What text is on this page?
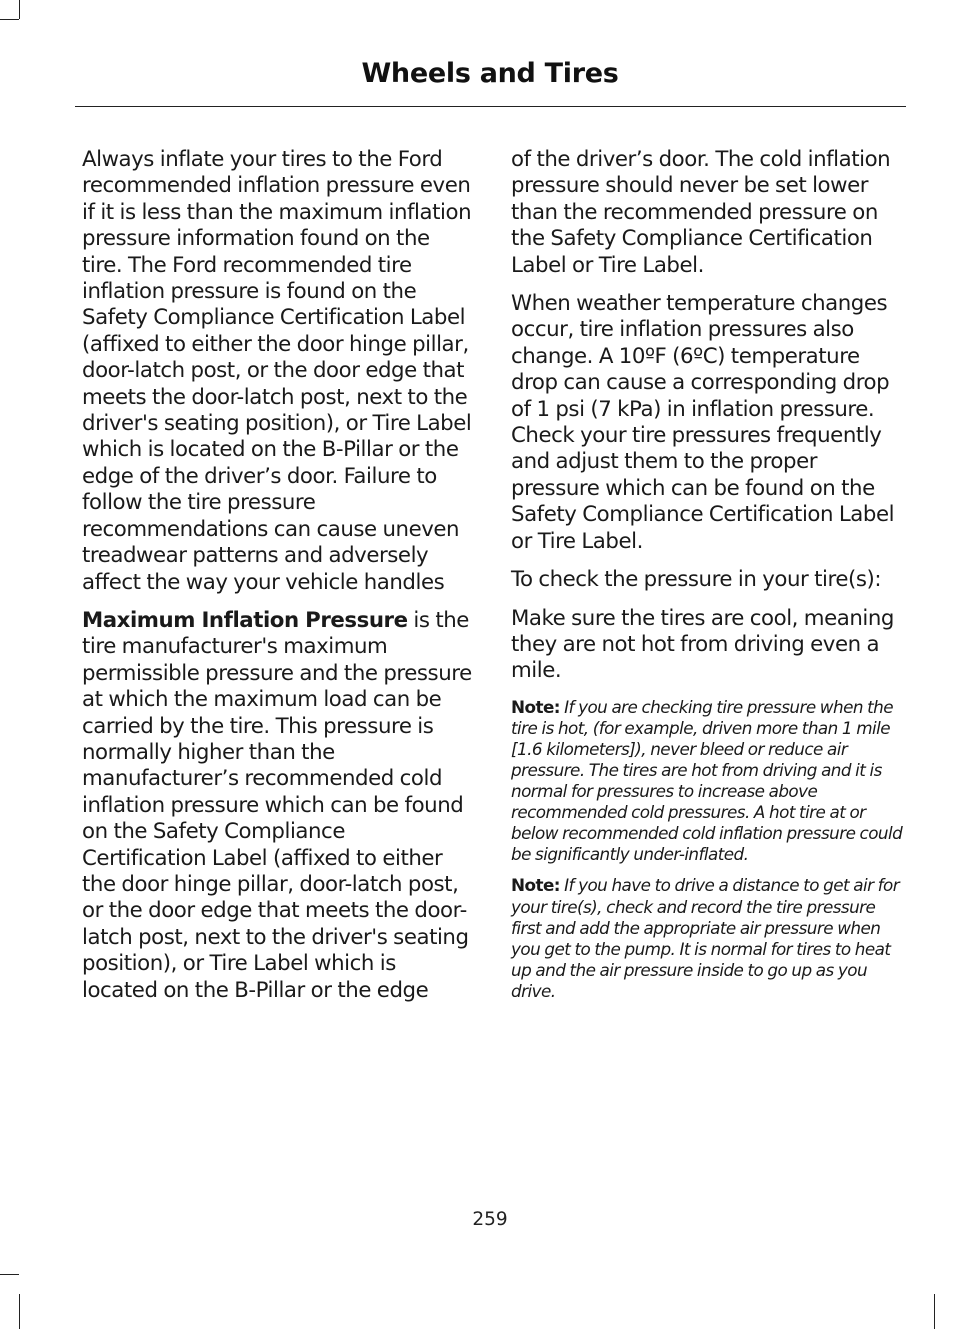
Wheels and Tires

Always inflate your tires to the Ford recommended inflation pressure even if it is less than the maximum inflation pressure information found on the tire. The Ford recommended tire inflation pressure is found on the Safety Compliance Certification Label (affixed to either the door hinge pillar, door-latch post, or the door edge that meets the door-latch post, next to the driver's seating position), or Tire Label which is located on the B-Pillar or the edge of the driver’s door. Failure to follow the tire pressure recommendations can cause uneven treadwear patterns and adversely affect the way your vehicle handles

Maximum Inflation Pressure is the tire manufacturer's maximum permissible pressure and the pressure at which the maximum load can be carried by the tire. This pressure is normally higher than the manufacturer’s recommended cold inflation pressure which can be found on the Safety Compliance Certification Label (affixed to either the door hinge pillar, door-latch post, or the door edge that meets the door-latch post, next to the driver's seating position), or Tire Label which is located on the B-Pillar or the edge

of the driver’s door. The cold inflation pressure should never be set lower than the recommended pressure on the Safety Compliance Certification Label or Tire Label.

When weather temperature changes occur, tire inflation pressures also change. A 10ºF (6ºC) temperature drop can cause a corresponding drop of 1 psi (7 kPa) in inflation pressure. Check your tire pressures frequently and adjust them to the proper pressure which can be found on the Safety Compliance Certification Label or Tire Label.

To check the pressure in your tire(s):

Make sure the tires are cool, meaning they are not hot from driving even a mile.

Note: If you are checking tire pressure when the tire is hot, (for example, driven more than 1 mile [1.6 kilometers]), never bleed or reduce air pressure. The tires are hot from driving and it is normal for pressures to increase above recommended cold pressures. A hot tire at or below recommended cold inflation pressure could be significantly under-inflated.

Note: If you have to drive a distance to get air for your tire(s), check and record the tire pressure first and add the appropriate air pressure when you get to the pump. It is normal for tires to heat up and the air pressure inside to go up as you drive.

259
